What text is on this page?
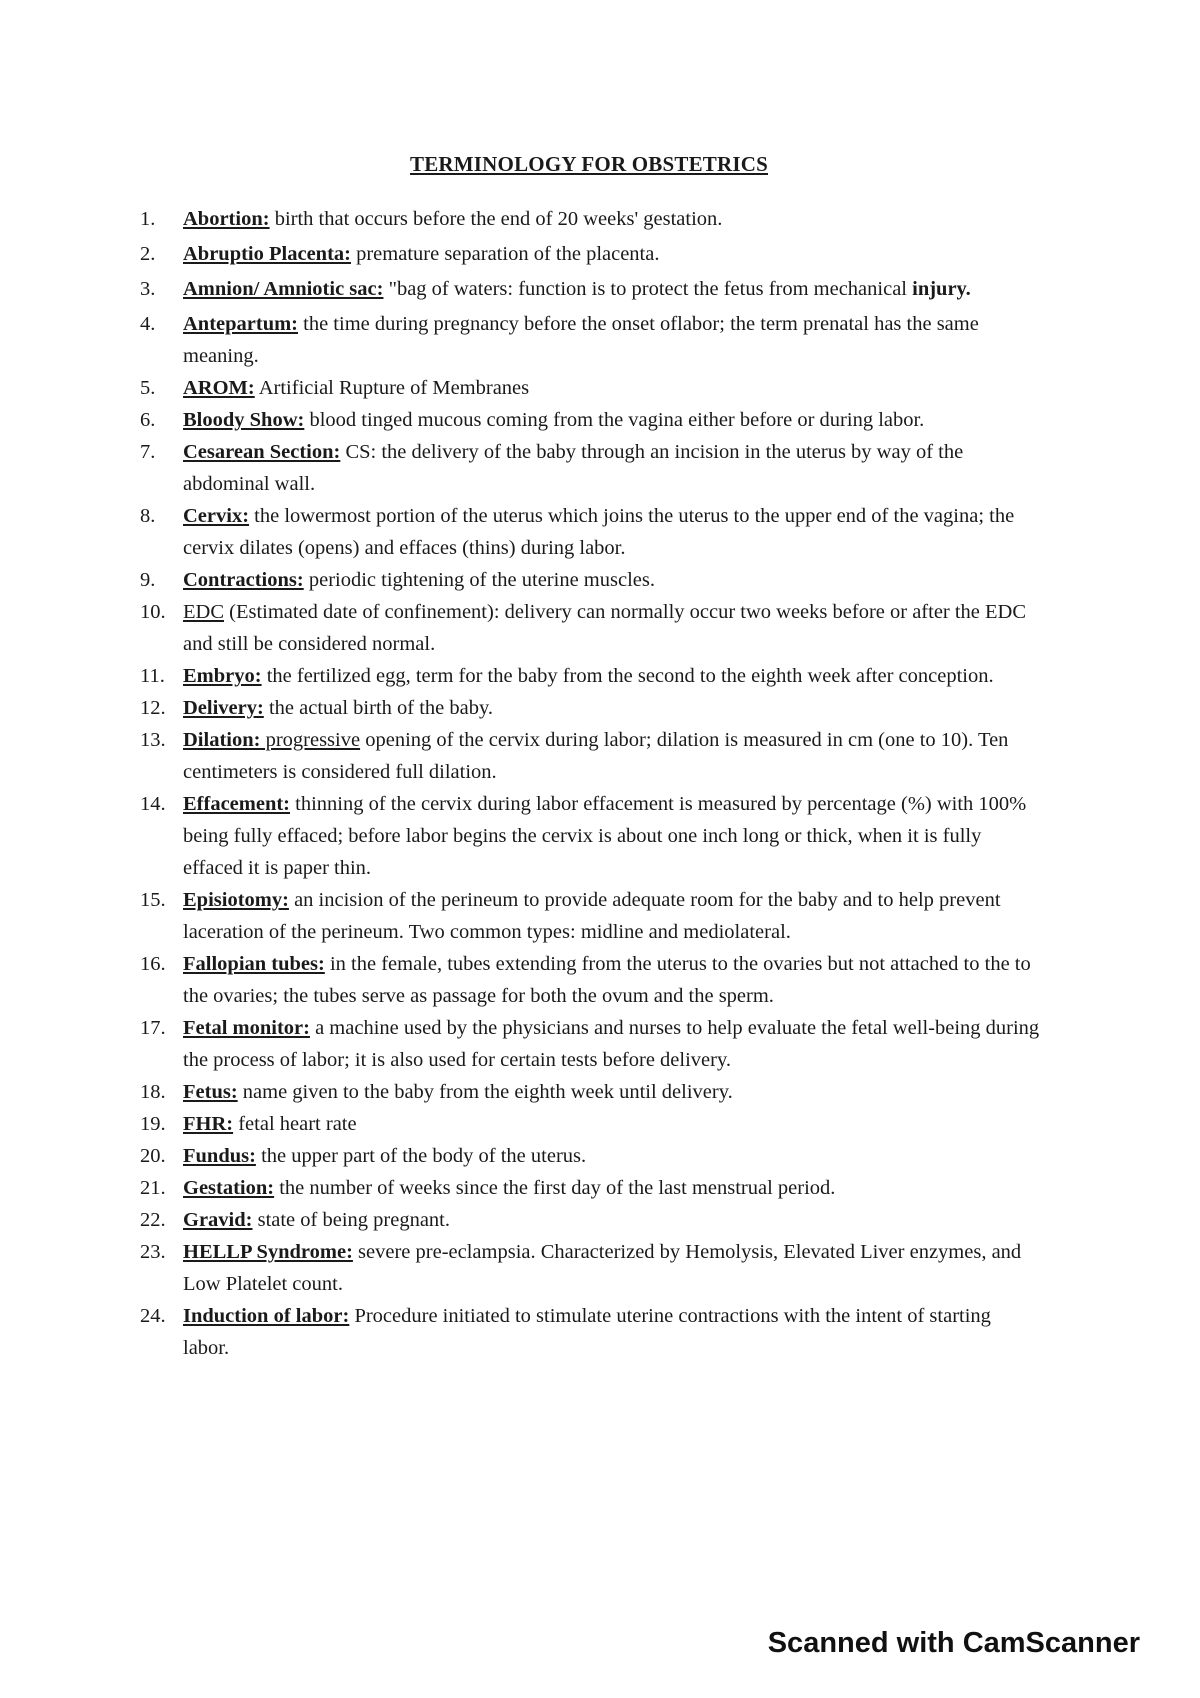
TERMINOLOGY FOR OBSTETRICS
1.	Abortion: birth that occurs before the end of 20 weeks' gestation.
2.	Abruptio Placenta: premature separation of the placenta.
3.	Amnion/ Amniotic sac: "bag of waters: function is to protect the fetus from mechanical injury.
4.	Antepartum: the time during pregnancy before the onset oflabor; the term prenatal has the same meaning.
5.	AROM: Artificial Rupture of Membranes
6.	Bloody Show: blood tinged mucous coming from the vagina either before or during labor.
7.	Cesarean Section: CS: the delivery of the baby through an incision in the uterus by way of the abdominal wall.
8.	Cervix: the lowermost portion of the uterus which joins the uterus to the upper end of the vagina; the cervix dilates (opens) and effaces (thins) during labor.
9.	Contractions: periodic tightening of the uterine muscles.
10. EDC (Estimated date of confinement): delivery can normally occur two weeks before or after the EDC and still be considered normal.
11. Embryo: the fertilized egg, term for the baby from the second to the eighth week after conception.
12. Delivery: the actual birth of the baby.
13. Dilation: progressive opening of the cervix during labor; dilation is measured in cm (one to 10). Ten centimeters is considered full dilation.
14. Effacement: thinning of the cervix during labor effacement is measured by percentage (%) with 100% being fully effaced; before labor begins the cervix is about one inch long or thick, when it is fully effaced it is paper thin.
15. Episiotomy: an incision of the perineum to provide adequate room for the baby and to help prevent laceration of the perineum. Two common types: midline and mediolateral.
16. Fallopian tubes: in the female, tubes extending from the uterus to the ovaries but not attached to the to the ovaries; the tubes serve as passage for both the ovum and the sperm.
17. Fetal monitor: a machine used by the physicians and nurses to help evaluate the fetal well-being during the process of labor; it is also used for certain tests before delivery.
18. Fetus: name given to the baby from the eighth week until delivery.
19. FHR: fetal heart rate
20. Fundus: the upper part of the body of the uterus.
21. Gestation: the number of weeks since the first day of the last menstrual period.
22. Gravid: state of being pregnant.
23. HELLP Syndrome: severe pre-eclampsia. Characterized by Hemolysis, Elevated Liver enzymes, and Low Platelet count.
24. Induction of labor: Procedure initiated to stimulate uterine contractions with the intent of starting labor.
Scanned with CamScanner
